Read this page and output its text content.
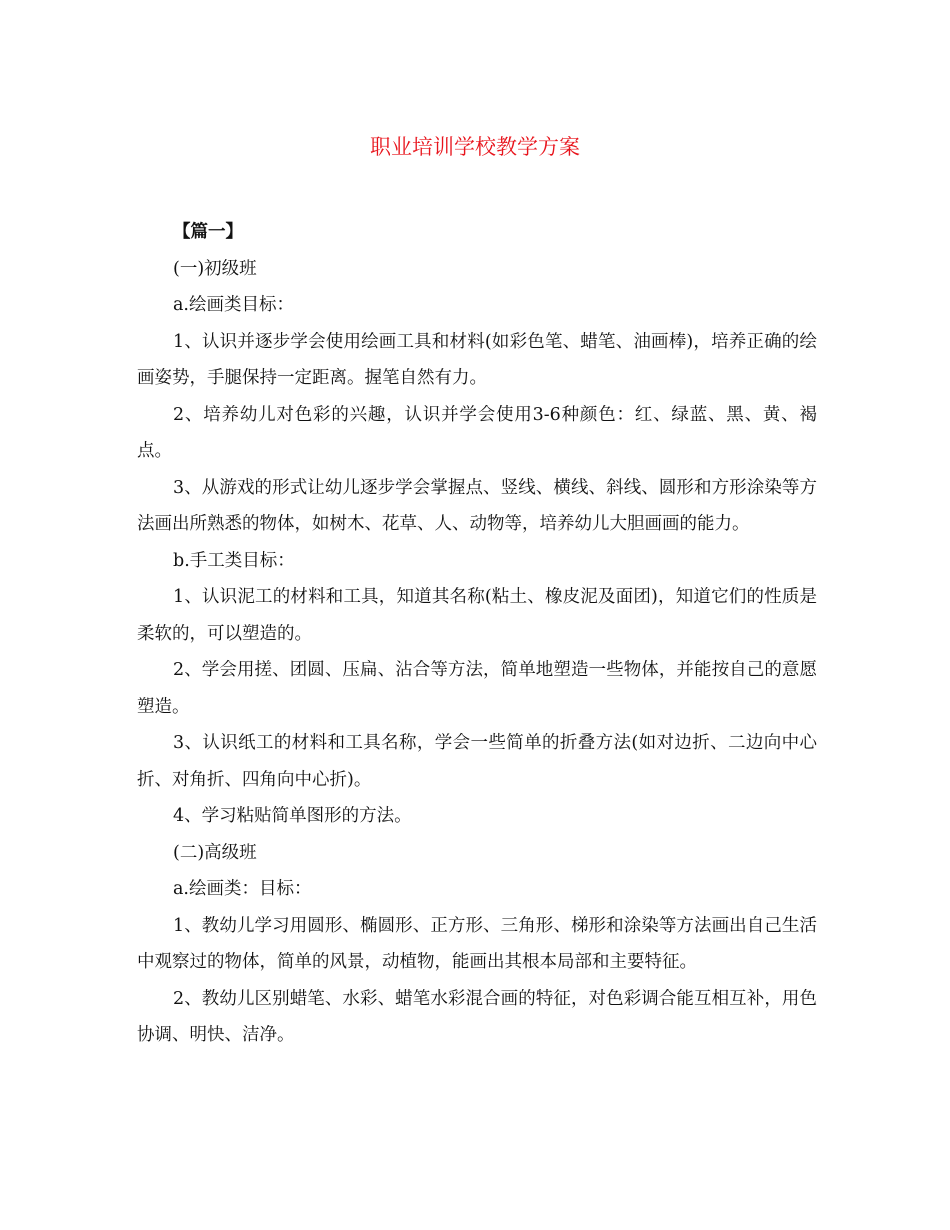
职业培训学校教学方案

【篇一】

(一)初级班

a.绘画类目标：

1、认识并逐步学会使用绘画工具和材料(如彩色笔、蜡笔、油画棒)，培养正确的绘画姿势，手腿保持一定距离。握笔自然有力。

2、培养幼儿对色彩的兴趣，认识并学会使用3-6种颜色：红、绿蓝、黑、黄、褐点。

3、从游戏的形式让幼儿逐步学会掌握点、竖线、横线、斜线、圆形和方形涂染等方法画出所熟悉的物体，如树木、花草、人、动物等，培养幼儿大胆画画的能力。

b.手工类目标：

1、认识泥工的材料和工具，知道其名称(粘土、橡皮泥及面团)，知道它们的性质是柔软的，可以塑造的。

2、学会用搓、团圆、压扁、沾合等方法，简单地塑造一些物体，并能按自己的意愿塑造。

3、认识纸工的材料和工具名称，学会一些简单的折叠方法(如对边折、二边向中心折、对角折、四角向中心折)。

4、学习粘贴简单图形的方法。

(二)高级班

a.绘画类：目标：

1、教幼儿学习用圆形、椭圆形、正方形、三角形、梯形和涂染等方法画出自己生活中观察过的物体，简单的风景，动植物，能画出其根本局部和主要特征。

2、教幼儿区别蜡笔、水彩、蜡笔水彩混合画的特征，对色彩调合能互相互补，用色协调、明快、洁净。
